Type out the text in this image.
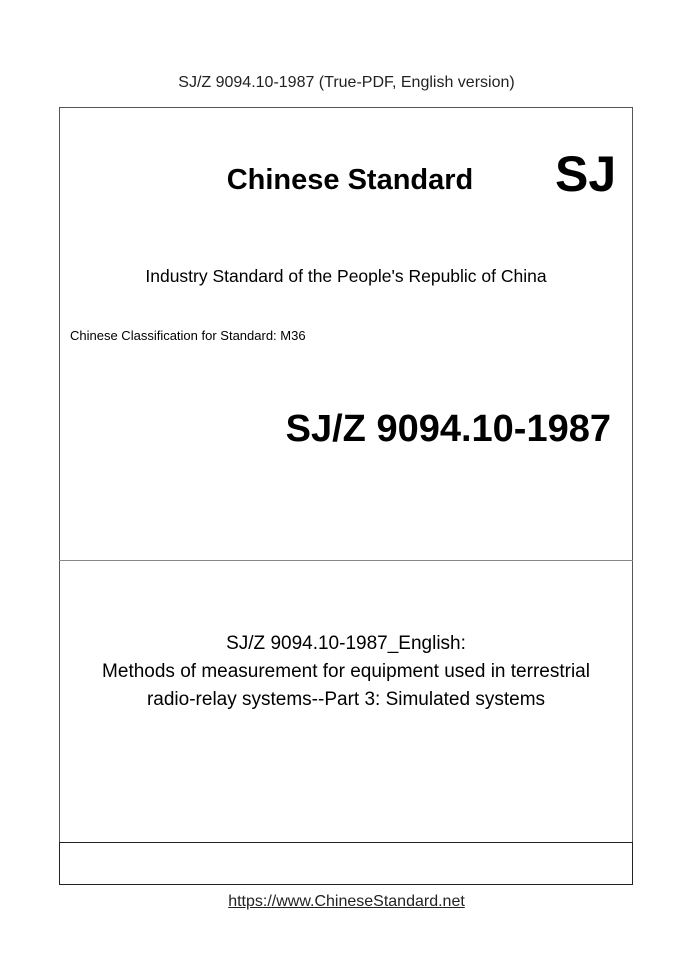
SJ/Z 9094.10-1987 (True-PDF, English version)
Chinese Standard	SJ
Industry Standard of the People's Republic of China
Chinese Classification for Standard: M36
SJ/Z 9094.10-1987
SJ/Z 9094.10-1987_English:
Methods of measurement for equipment used in terrestrial
radio-relay systems--Part 3: Simulated systems
https://www.ChineseStandard.net
